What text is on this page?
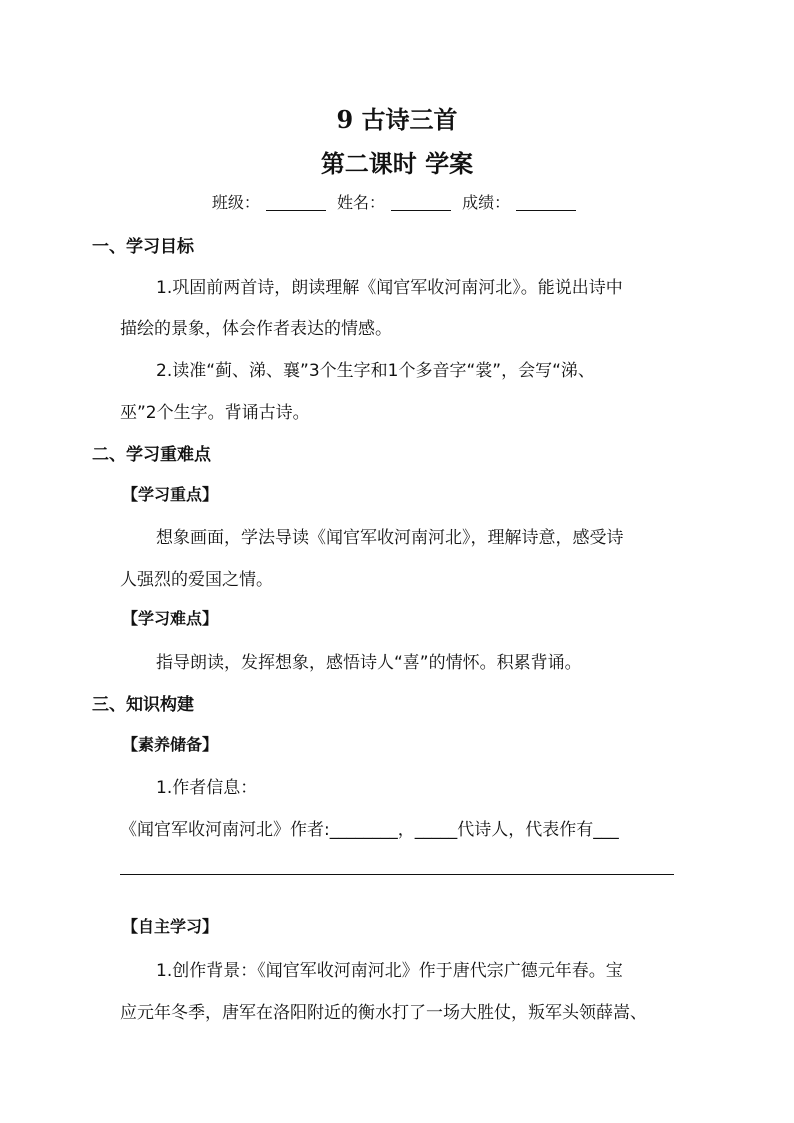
9 古诗三首
第二课时 学案
班级：	姓名：	成绩：
一、学习目标
1.巩固前两首诗，朗读理解《闻官军收河南河北》。能说出诗中
描绘的景象，体会作者表达的情感。
2.读准“蓟、涕、襄”3个生字和1个多音字“裳”，会写“涕、
巫”2个生字。背诵古诗。
二、学习重难点
【学习重点】
想象画面，学法导读《闻官军收河南河北》，理解诗意，感受诗
人强烈的爱国之情。
【学习难点】
指导朗读，发挥想象，感悟诗人“喜”的情怀。积累背诵。
三、知识构建
【素养储备】
1.作者信息：
《闻官军收河南河北》作者:________，_____代诗人，代表作有___
【自主学习】
1.创作背景：《闻官军收河南河北》作于唐代宗广德元年春。宝
应元年冬季，唐军在洛阳附近的衡水打了一场大胜仗，叛军头领薛嵩、
